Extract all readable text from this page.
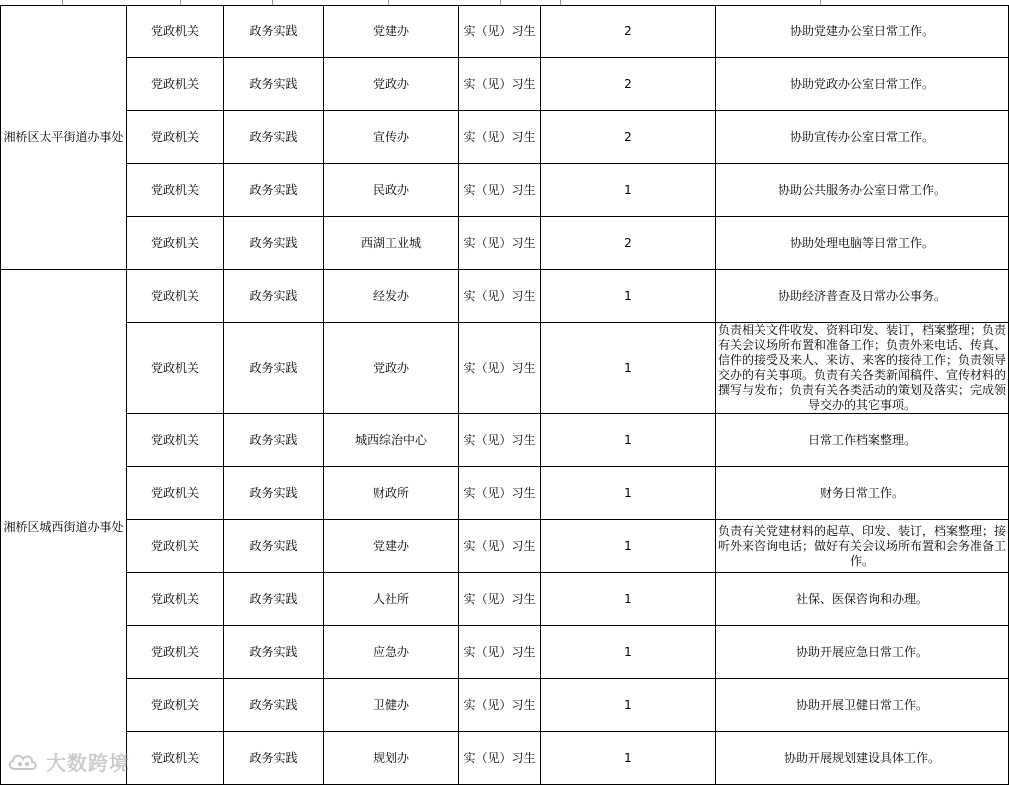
湘桥区太平街道办事处	党政机关	政务实践	党建办	实（见）习生	2	协助党建办公室日常工作。
	党政机关	政务实践	党政办	实（见）习生	2	协助党政办公室日常工作。
	党政机关	政务实践	宣传办	实（见）习生	2	协助宣传办公室日常工作。
	党政机关	政务实践	民政办	实（见）习生	1	协助公共服务办公室日常工作。
	党政机关	政务实践	西湖工业城	实（见）习生	2	协助处理电脑等日常工作。
湘桥区城西街道办事处	党政机关	政务实践	经发办	实（见）习生	1	协助经济普查及日常办公事务。
	党政机关	政务实践	党政办	实（见）习生	1	负责相关文件收发、资料印发、装订，档案整理；负责有关会议场所布置和准备工作；负责外来电话、传真、信件的接受及来人、来访、来客的接待工作；负责领导交办的有关事项。负责有关各类新闻稿件、宣传材料的撰写与发布；负责有关各类活动的策划及落实；完成领导交办的其它事项。
	党政机关	政务实践	城西综治中心	实（见）习生	1	日常工作档案整理。
	党政机关	政务实践	财政所	实（见）习生	1	财务日常工作。
	党政机关	政务实践	党建办	实（见）习生	1	负责有关党建材料的起草、印发、装订，档案整理；接听外来咨询电话；做好有关会议场所布置和会务准备工作。
	党政机关	政务实践	人社所	实（见）习生	1	社保、医保咨询和办理。
	党政机关	政务实践	应急办	实（见）习生	1	协助开展应急日常工作。
	党政机关	政务实践	卫健办	实（见）习生	1	协助开展卫健日常工作。
	党政机关	政务实践	规划办	实（见）习生	1	协助开展规划建设具体工作。
大数跨境
